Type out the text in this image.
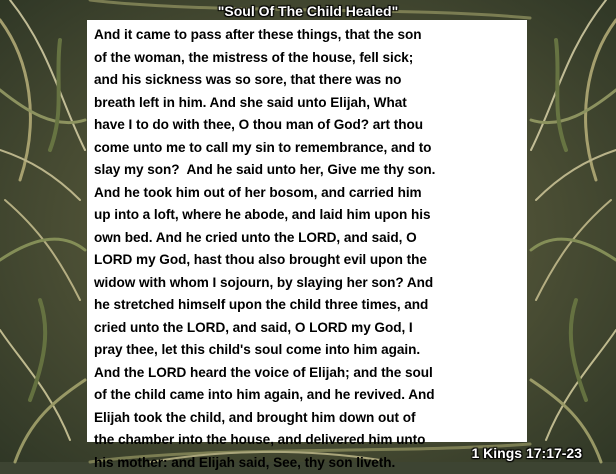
"Soul Of The Child Healed"
And it came to pass after these things, that the son
of the woman, the mistress of the house, fell sick;
and his sickness was so sore, that there was no
breath left in him. And she said unto Elijah, What
have I to do with thee, O thou man of God? art thou
come unto me to call my sin to remembrance, and to
slay my son?  And he said unto her, Give me thy son.
And he took him out of her bosom, and carried him
up into a loft, where he abode, and laid him upon his
own bed. And he cried unto the LORD, and said, O
LORD my God, hast thou also brought evil upon the
widow with whom I sojourn, by slaying her son? And
he stretched himself upon the child three times, and
cried unto the LORD, and said, O LORD my God, I
pray thee, let this child's soul come into him again.
And the LORD heard the voice of Elijah; and the soul
of the child came into him again, and he revived. And
Elijah took the child, and brought him down out of
the chamber into the house, and delivered him unto
his mother: and Elijah said, See, thy son liveth.
1 Kings 17:17-23
